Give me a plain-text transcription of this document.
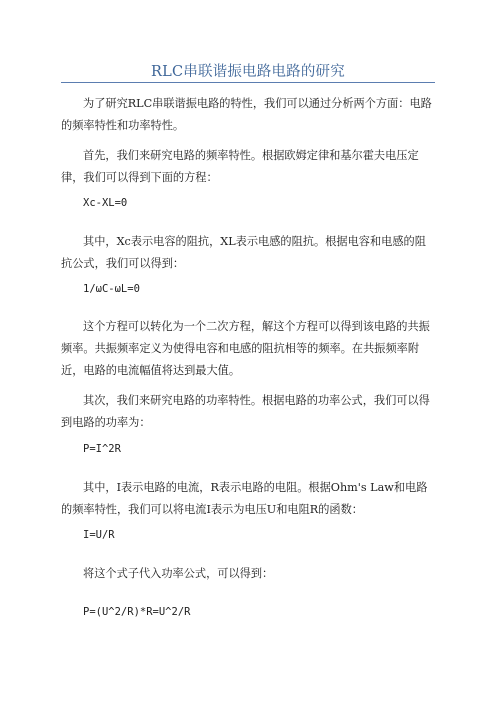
RLC串联谐振电路电路的研究

为了研究RLC串联谐振电路的特性，我们可以通过分析两个方面：电路的频率特性和功率特性。

首先，我们来研究电路的频率特性。根据欧姆定律和基尔霍夫电压定律，我们可以得到下面的方程：

Xc-XL=0

其中，Xc表示电容的阻抗，XL表示电感的阻抗。根据电容和电感的阻抗公式，我们可以得到：

1/ωC-ωL=0

这个方程可以转化为一个二次方程，解这个方程可以得到该电路的共振频率。共振频率定义为使得电容和电感的阻抗相等的频率。在共振频率附近，电路的电流幅值将达到最大值。

其次，我们来研究电路的功率特性。根据电路的功率公式，我们可以得到电路的功率为：

P=I^2R

其中，I表示电路的电流，R表示电路的电阻。根据Ohm's Law和电路的频率特性，我们可以将电流I表示为电压U和电阻R的函数：

I=U/R

将这个式子代入功率公式，可以得到：

P=(U^2/R)*R=U^2/R
